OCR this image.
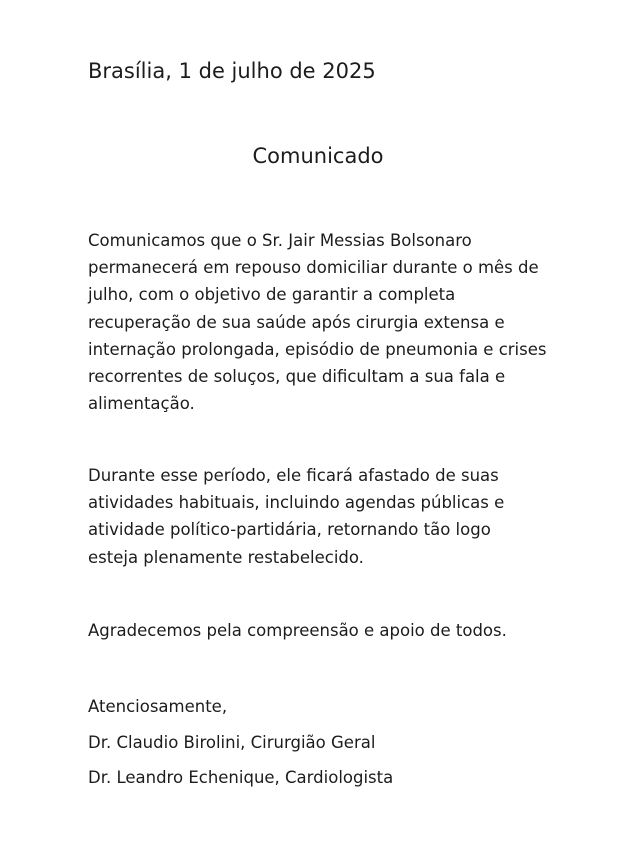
Brasília, 1 de julho de 2025
Comunicado

Comunicamos que o Sr. Jair Messias Bolsonaro permanecerá em repouso domiciliar durante o mês de julho, com o objetivo de garantir a completa recuperação de sua saúde após cirurgia extensa e internação prolongada, episódio de pneumonia e crises recorrentes de soluços, que dificultam a sua fala e alimentação.

Durante esse período, ele ficará afastado de suas atividades habituais, incluindo agendas públicas e atividade político-partidária, retornando tão logo esteja plenamente restabelecido.

Agradecemos pela compreensão e apoio de todos.

Atenciosamente,
Dr. Claudio Birolini, Cirurgião Geral
Dr. Leandro Echenique, Cardiologista
